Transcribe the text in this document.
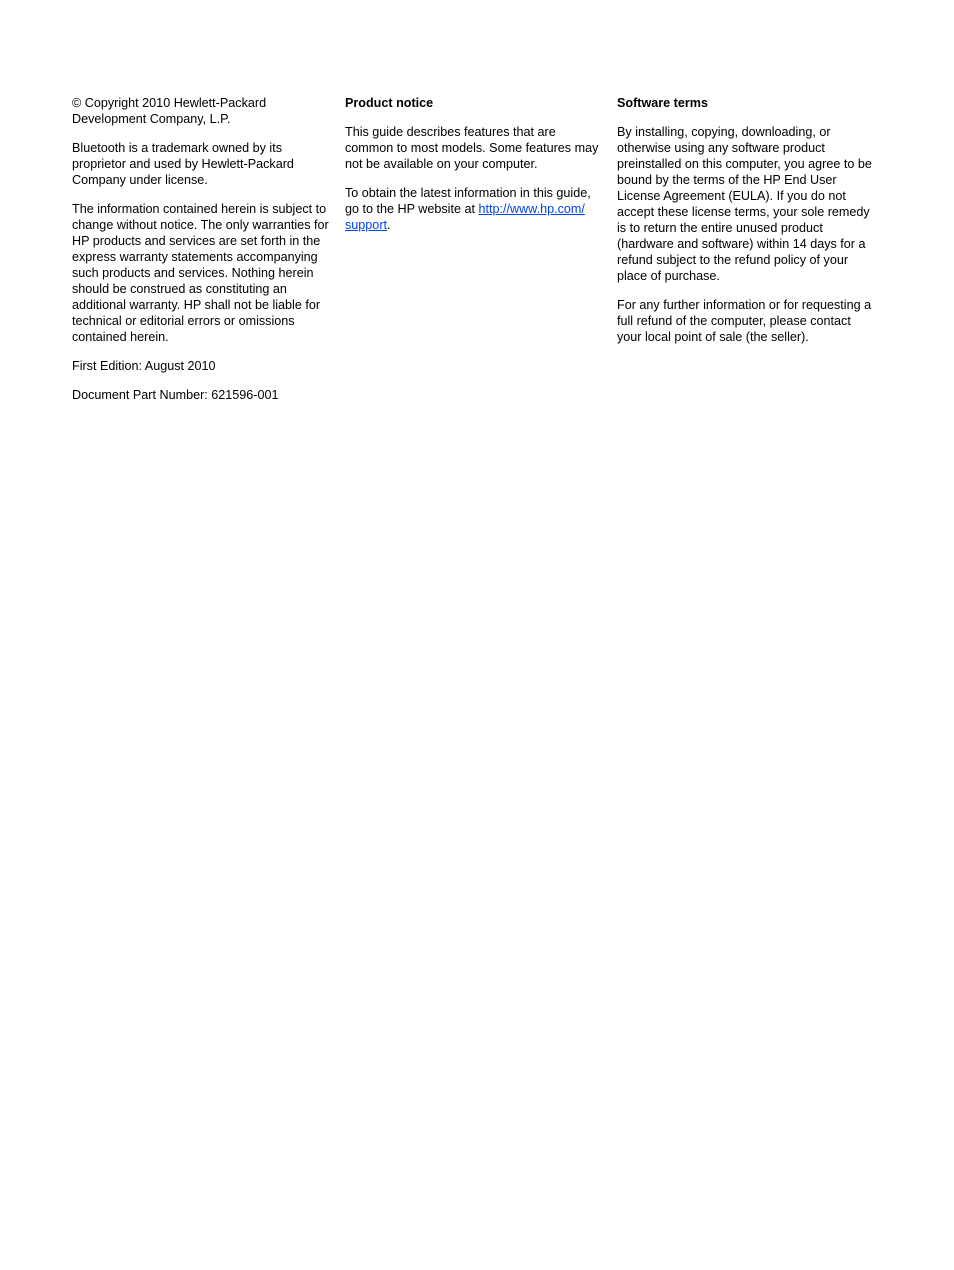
© Copyright 2010 Hewlett-Packard Development Company, L.P.

Bluetooth is a trademark owned by its proprietor and used by Hewlett-Packard Company under license.

The information contained herein is subject to change without notice. The only warranties for HP products and services are set forth in the express warranty statements accompanying such products and services. Nothing herein should be construed as constituting an additional warranty. HP shall not be liable for technical or editorial errors or omissions contained herein.

First Edition: August 2010

Document Part Number: 621596-001

Product notice

This guide describes features that are common to most models. Some features may not be available on your computer.

To obtain the latest information in this guide, go to the HP website at http://www.hp.com/
support.

Software terms

By installing, copying, downloading, or otherwise using any software product preinstalled on this computer, you agree to be bound by the terms of the HP End User License Agreement (EULA). If you do not accept these license terms, your sole remedy is to return the entire unused product (hardware and software) within 14 days for a refund subject to the refund policy of your place of purchase.

For any further information or for requesting a full refund of the computer, please contact your local point of sale (the seller).
